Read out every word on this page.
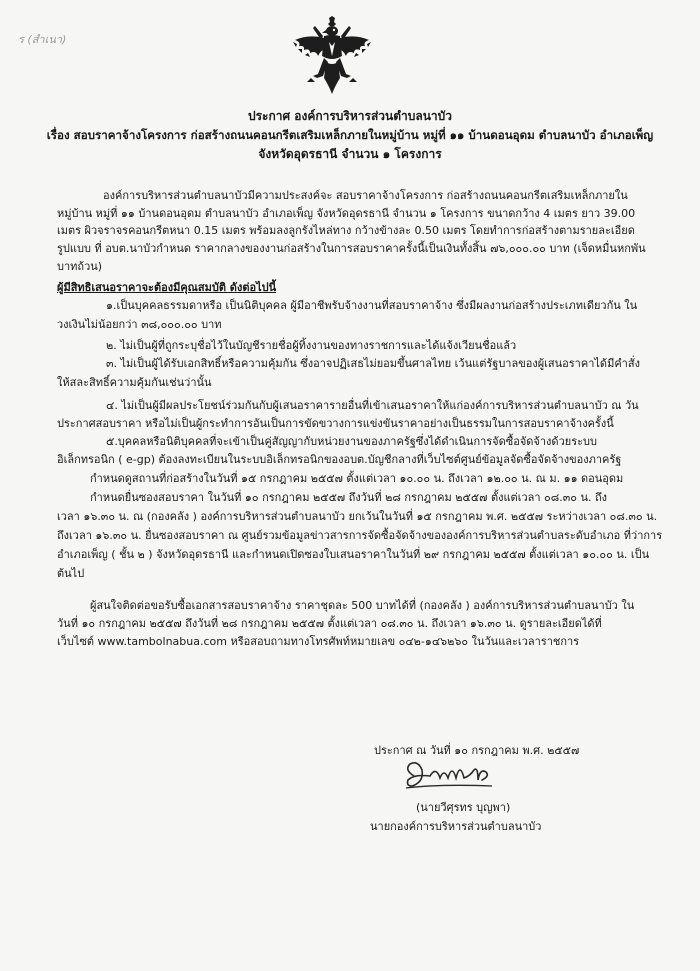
ร (สำเนา)
ประกาศ องค์การบริหารส่วนตำบลนาบัว
เรื่อง สอบราคาจ้างโครงการ ก่อสร้างถนนคอนกรีตเสริมเหล็กภายในหมู่บ้าน หมู่ที่ ๑๑ บ้านดอนอุดม ตำบลนาบัว อำเภอเพ็ญ
จังหวัดอุดรธานี จำนวน ๑ โครงการ
องค์การบริหารส่วนตำบลนาบัวมีความประสงค์จะ สอบราคาจ้างโครงการ ก่อสร้างถนนคอนกรีตเสริมเหล็กภายใน
หมู่บ้าน หมู่ที่ ๑๑ บ้านดอนอุดม ตำบลนาบัว อำเภอเพ็ญ จังหวัดอุดรธานี จำนวน ๑ โครงการ ขนาดกว้าง 4 เมตร ยาว 39.00
เมตร ผิวจราจรคอนกรีตหนา 0.15 เมตร พร้อมลงลูกรังไหล่ทาง กว้างข้างละ 0.50 เมตร โดยทำการก่อสร้างตามรายละเอียด
รูปแบบ ที่ อบต.นาบัวกำหนด ราคากลางของงานก่อสร้างในการสอบราคาครั้งนี้เป็นเงินทั้งสิ้น ๗๖,๐๐๐.๐๐ บาท (เจ็ดหมื่นหกพัน
บาทถ้วน)
ผู้มีสิทธิเสนอราคาจะต้องมีคุณสมบัติ ดังต่อไปนี้
๑.เป็นบุคคลธรรมดาหรือ เป็นนิติบุคคล ผู้มีอาชีพรับจ้างงานที่สอบราคาจ้าง ซึ่งมีผลงานก่อสร้างประเภทเดียวกัน ใน
วงเงินไม่น้อยกว่า ๓๘,๐๐๐.๐๐ บาท
๒. ไม่เป็นผู้ที่ถูกระบุชื่อไว้ในบัญชีรายชื่อผู้ทิ้งงานของทางราชการและได้แจ้งเวียนชื่อแล้ว
๓. ไม่เป็นผู้ได้รับเอกสิทธิ์หรือความคุ้มกัน ซึ่งอาจปฏิเสธไม่ยอมขึ้นศาลไทย เว้นแต่รัฐบาลของผู้เสนอราคาได้มีคำสั่ง
ให้สละสิทธิ์ความคุ้มกันเช่นว่านั้น
๔. ไม่เป็นผู้มีผลประโยชน์ร่วมกันกับผู้เสนอราคารายอื่นที่เข้าเสนอราคาให้แก่องค์การบริหารส่วนตำบลนาบัว ณ วัน
ประกาศสอบราคา หรือไม่เป็นผู้กระทำการอันเป็นการขัดขวางการแข่งขันราคาอย่างเป็นธรรมในการสอบราคาจ้างครั้งนี้
๕.บุคคลหรือนิติบุคคลที่จะเข้าเป็นคู่สัญญากับหน่วยงานของภาครัฐซึ่งได้ดำเนินการจัดซื้อจัดจ้างด้วยระบบ
อิเล็กทรอนิก ( e-gp) ต้องลงทะเบียนในระบบอิเล็กทรอนิกของอบต.บัญชีกลางที่เว็บไซต์ศูนย์ข้อมูลจัดซื้อจัดจ้างของภาครัฐ
กำหนดดูสถานที่ก่อสร้างในวันที่ ๑๕ กรกฎาคม ๒๕๕๗ ตั้งแต่เวลา ๑๐.๐๐ น. ถึงเวลา ๑๒.๐๐ น. ณ ม. ๑๑ ดอนอุดม
กำหนดยื่นซองสอบราคา ในวันที่ ๑๐ กรกฎาคม ๒๕๕๗ ถึงวันที่ ๒๘ กรกฎาคม ๒๕๕๗ ตั้งแต่เวลา ๐๘.๓๐ น. ถึง
เวลา ๑๖.๓๐ น. ณ (กองคลัง ) องค์การบริหารส่วนตำบลนาบัว ยกเว้นในวันที่ ๑๕ กรกฎาคม พ.ศ. ๒๕๕๗ ระหว่างเวลา ๐๘.๓๐ น.
ถึงเวลา ๑๖.๓๐ น. ยื่นซองสอบราคา ณ ศูนย์รวมข้อมูลข่าวสารการจัดซื้อจัดจ้างขององค์การบริหารส่วนตำบลระดับอำเภอ ที่ว่าการ
อำเภอเพ็ญ ( ชั้น ๒ ) จังหวัดอุดรธานี และกำหนดเปิดซองใบเสนอราคาในวันที่ ๒๙ กรกฎาคม ๒๕๕๗ ตั้งแต่เวลา ๑๐.๐๐ น. เป็น
ต้นไป
ผู้สนใจติดต่อขอรับซื้อเอกสารสอบราคาจ้าง ราคาชุดละ 500 บาทได้ที่ (กองคลัง ) องค์การบริหารส่วนตำบลนาบัว ใน
วันที่ ๑๐ กรกฎาคม ๒๕๕๗ ถึงวันที่ ๒๘ กรกฎาคม ๒๕๕๗ ตั้งแต่เวลา ๐๘.๓๐ น. ถึงเวลา ๑๖.๓๐ น. ดูรายละเอียดได้ที่
เว็บไซต์ www.tambolnabua.com หรือสอบถามทางโทรศัพท์หมายเลข ๐๔๒-๑๔๖๒๖๐ ในวันและเวลาราชการ
ประกาศ ณ วันที่ ๑๐ กรกฎาคม พ.ศ. ๒๕๕๗
(นายวีศุรทร บุญพา)
นายกองค์การบริหารส่วนตำบลนาบัว
